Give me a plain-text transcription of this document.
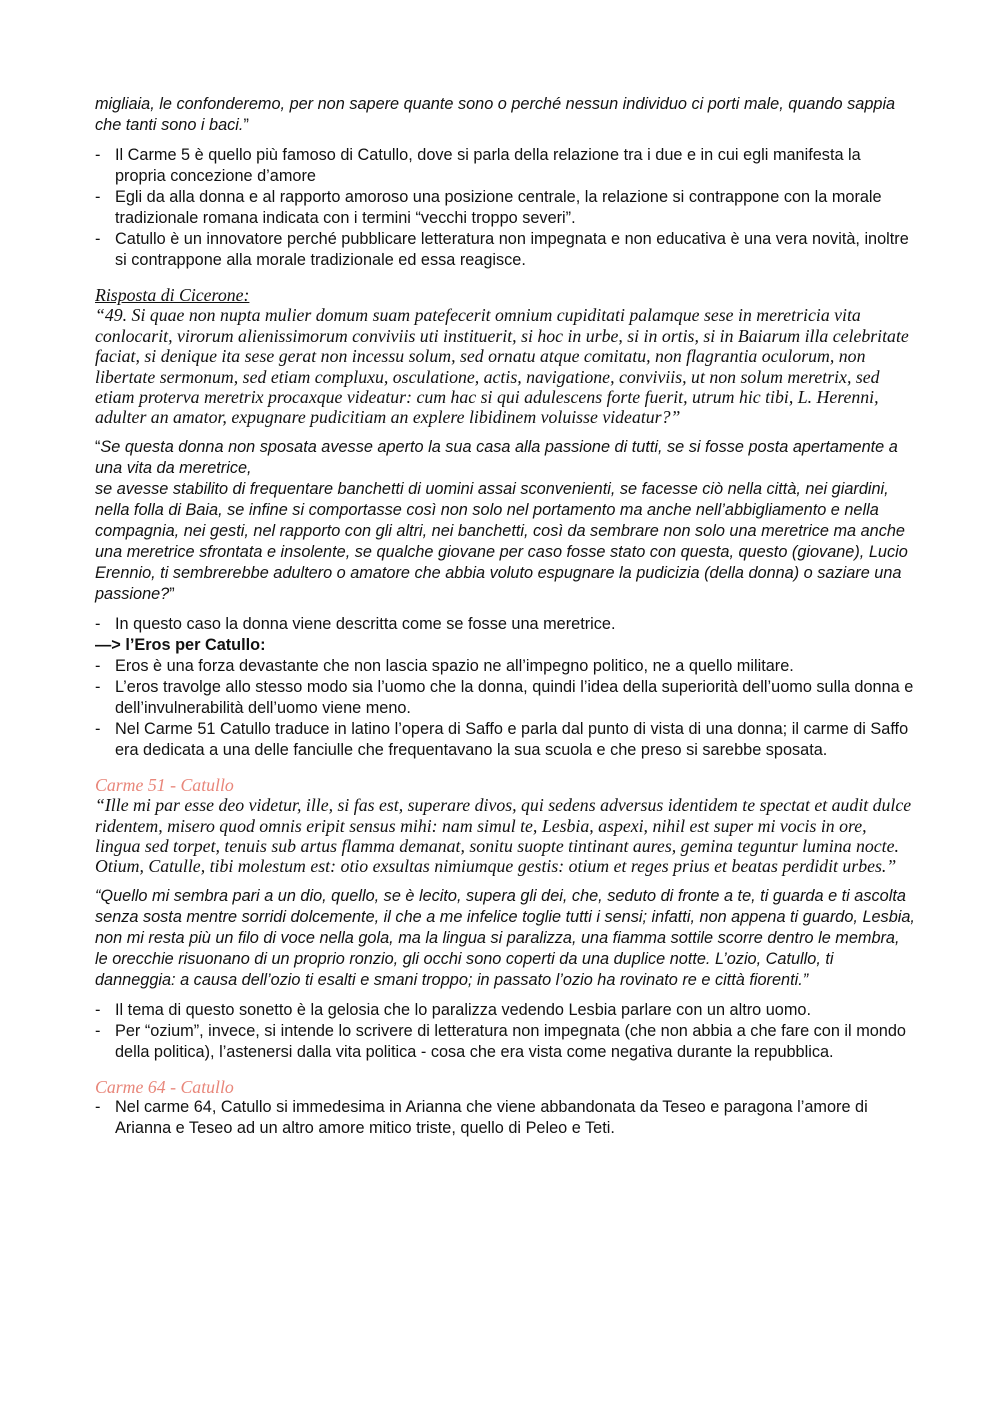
migliaia, le confonderemo, per non sapere quante sono o perché nessun individuo ci porti male, quando sappia che tanti sono i baci.”

- Il Carme 5 è quello più famoso di Catullo, dove si parla della relazione tra i due e in cui egli manifesta la propria concezione d’amore
- Egli da alla donna e al rapporto amoroso una posizione centrale, la relazione si contrappone con la morale tradizionale romana indicata con i termini “vecchi troppo severi”.
- Catullo è un innovatore perché pubblicare letteratura non impegnata e non educativa è una vera novità, inoltre si contrappone alla morale tradizionale ed essa reagisce.

Risposta di Cicerone:

“49. Si quae non nupta mulier domum suam patefecerit omnium cupiditati palamque sese in meretricia vita conlocarit, virorum alienissimorum conviviis uti instituerit, si hoc in urbe, si in ortis, si in Baiarum illa celebritate faciat, si denique ita sese gerat non incessu solum, sed ornatu atque comitatu, non flagrantia oculorum, non libertate sermonum, sed etiam compluxu, osculatione, actis, navigatione, conviviis, ut non solum meretrix, sed etiam proterva meretrix procaxque videatur: cum hac si qui adulescens forte fuerit, utrum hic tibi, L. Herenni, adulter an amator, expugnare pudicitiam an explere libidinem voluisse videatur?”

“Se questa donna non sposata avesse aperto la sua casa alla passione di tutti, se si fosse posta apertamente a una vita da meretrice,
se avesse stabilito di frequentare banchetti di uomini assai sconvenienti, se facesse ciò nella città, nei giardini, nella folla di Baia, se infine si comportasse così non solo nel portamento ma anche nell’abbigliamento e nella compagnia, nei gesti, nel rapporto con gli altri, nei banchetti, così da sembrare non solo una meretrice ma anche una meretrice sfrontata e insolente, se qualche giovane per caso fosse stato con questa, questo (giovane), Lucio Erennio, ti sembrerebbe adultero o amatore che abbia voluto espugnare la pudicizia (della donna) o saziare una passione?”

- In questo caso la donna viene descritta come se fosse una meretrice.

—> l’Eros per Catullo:

- Eros è una forza devastante che non lascia spazio ne all’impegno politico, ne a quello militare.
- L’eros travolge allo stesso modo sia l’uomo che la donna, quindi l’idea della superiorità dell’uomo sulla donna e dell’invulnerabilità dell’uomo viene meno.
- Nel Carme 51 Catullo traduce in latino l’opera di Saffo e parla dal punto di vista di una donna; il carme di Saffo era dedicata a una delle fanciulle che frequentavano la sua scuola e che preso si sarebbe sposata.

Carme 51 - Catullo

“Ille mi par esse deo videtur, ille, si fas est, superare divos, qui sedens adversus identidem te spectat et audit dulce ridentem, misero quod omnis eripit sensus mihi: nam simul te, Lesbia, aspexi, nihil est super mi vocis in ore, lingua sed torpet, tenuis sub artus flamma demanat, sonitu suopte tintinant aures, gemina teguntur lumina nocte. Otium, Catulle, tibi molestum est: otio exsultas nimiumque gestis: otium et reges prius et beatas perdidit urbes.”

“Quello mi sembra pari a un dio, quello, se è lecito, supera gli dei, che, seduto di fronte a te, ti guarda e ti ascolta senza sosta mentre sorridi dolcemente, il che a me infelice toglie tutti i sensi; infatti, non appena ti guardo, Lesbia, non mi resta più un filo di voce nella gola, ma la lingua si paralizza, una fiamma sottile scorre dentro le membra, le orecchie risuonano di un proprio ronzio, gli occhi sono coperti da una duplice notte. L’ozio, Catullo, ti danneggia: a causa dell’ozio ti esalti e smani troppo; in passato l’ozio ha rovinato re e città fiorenti.”

- Il tema di questo sonetto è la gelosia che lo paralizza vedendo Lesbia parlare con un altro uomo.
- Per “ozium”, invece, si intende lo scrivere di letteratura non impegnata (che non abbia a che fare con il mondo della politica), l’astenersi dalla vita politica - cosa che era vista come negativa durante la repubblica.

Carme 64 - Catullo

- Nel carme 64, Catullo si immedesima in Arianna che viene abbandonata da Teseo e paragona l’amore di Arianna e Teseo ad un altro amore mitico triste, quello di Peleo e Teti.
